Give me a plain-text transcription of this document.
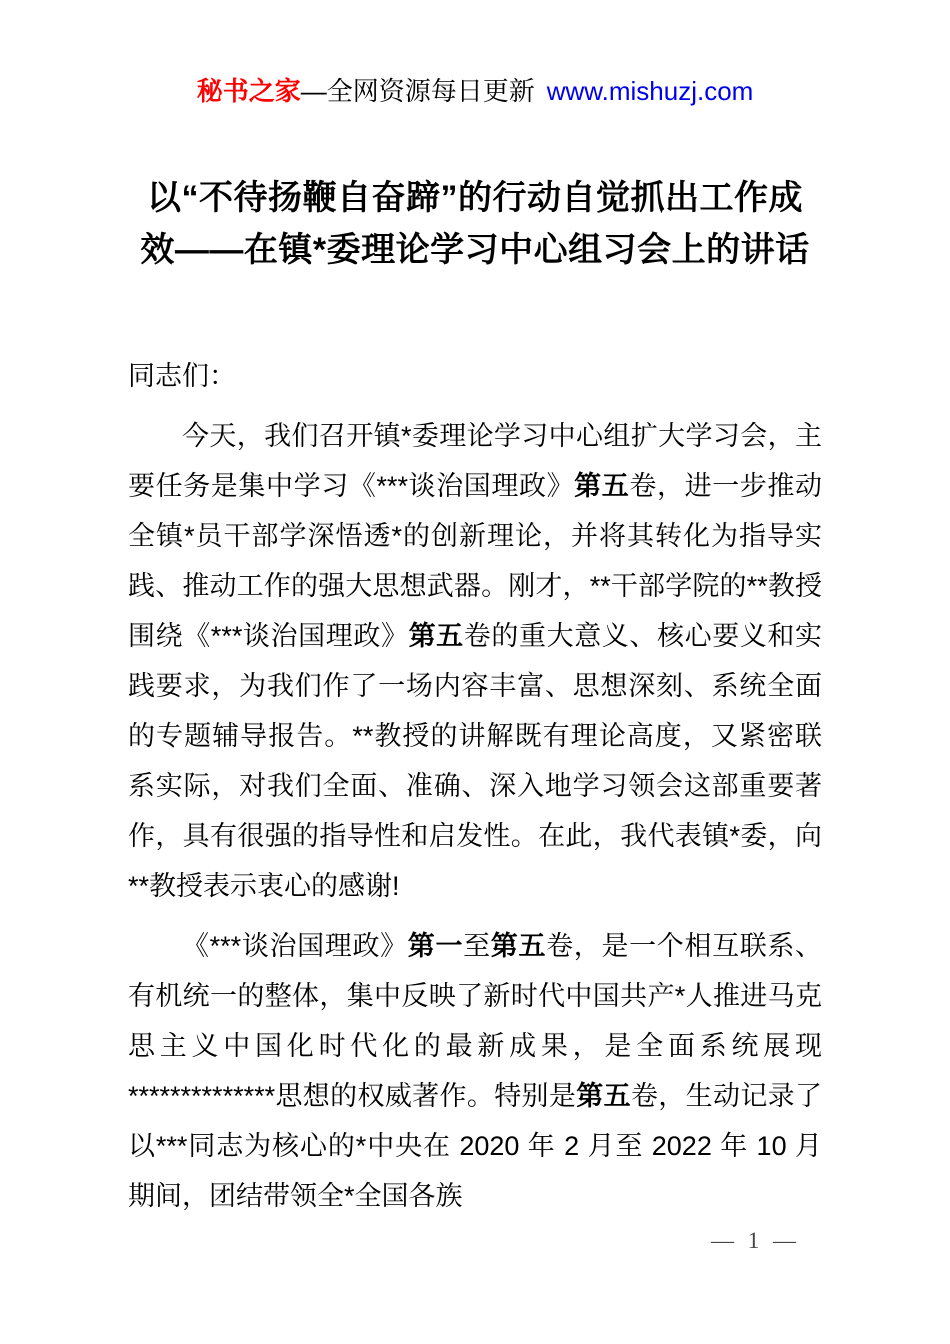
秘书之家—全网资源每日更新 www.mishuzj.com
以“不待扬鞭自奋蹄”的行动自觉抓出工作成
效——在镇*委理论学习中心组习会上的讲话

同志们：

今天，我们召开镇*委理论学习中心组扩大学习会，主要任务是集中学习《***谈治国理政》第五卷，进一步推动全镇*员干部学深悟透*的创新理论，并将其转化为指导实践、推动工作的强大思想武器。刚才，**干部学院的**教授围绕《***谈治国理政》第五卷的重大意义、核心要义和实践要求，为我们作了一场内容丰富、思想深刻、系统全面的专题辅导报告。**教授的讲解既有理论高度，又紧密联系实际，对我们全面、准确、深入地学习领会这部重要著作，具有很强的指导性和启发性。在此，我代表镇*委，向**教授表示衷心的感谢!

《***谈治国理政》第一至第五卷，是一个相互联系、有机统一的整体，集中反映了新时代中国共产*人推进马克思主义中国化时代化的最新成果，是全面系统展现**************思想的权威著作。特别是第五卷，生动记录了以***同志为核心的*中央在 2020 年 2 月至 2022 年 10 月期间，团结带领全*全国各族

— 1 —
